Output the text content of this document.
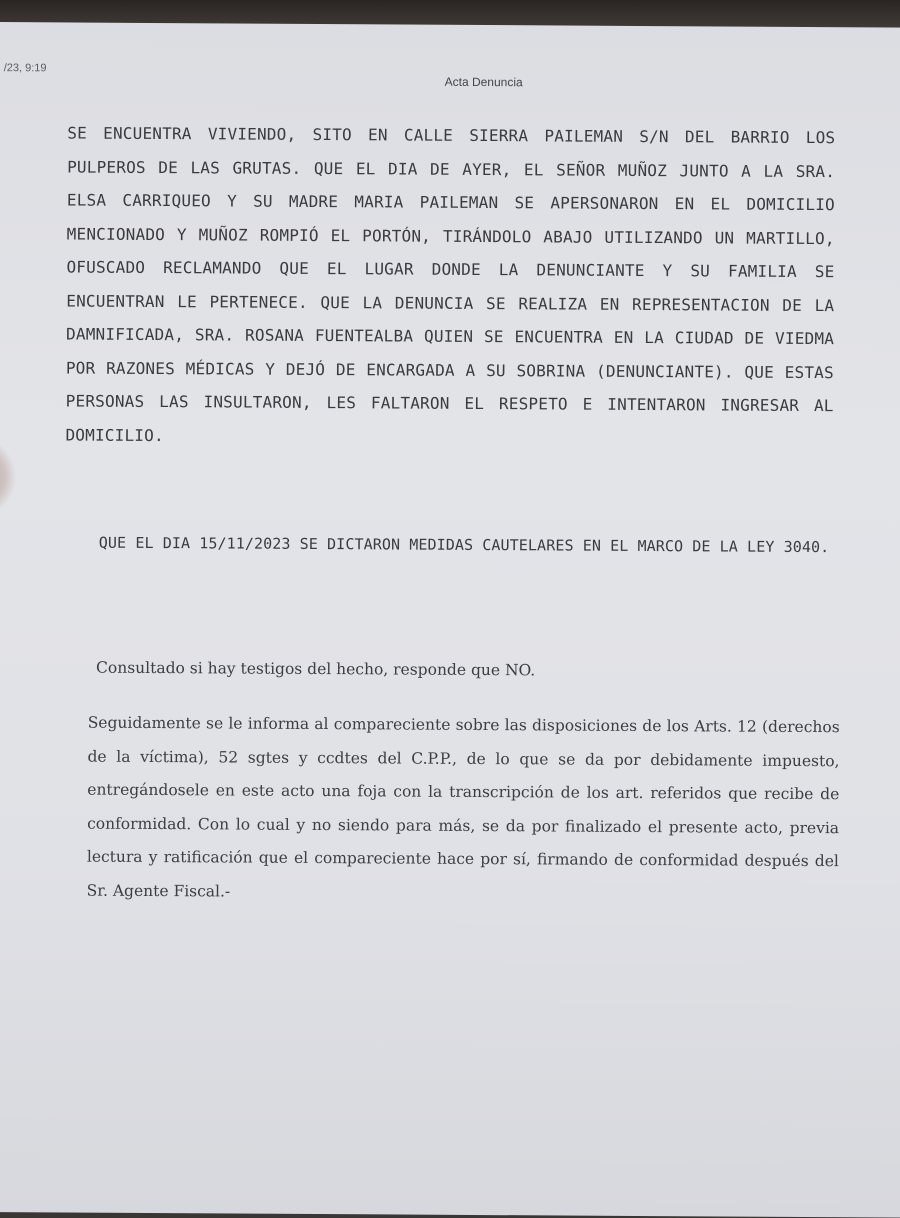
/23, 9:19
Acta Denuncia

SE ENCUENTRA VIVIENDO, SITO EN CALLE SIERRA PAILEMAN S/N DEL BARRIO LOS PULPEROS DE LAS GRUTAS. QUE EL DIA DE AYER, EL SEÑOR MUÑOZ JUNTO A LA SRA. ELSA CARRIQUEO Y SU MADRE MARIA PAILEMAN SE APERSONARON EN EL DOMICILIO MENCIONADO Y MUÑOZ ROMPIÓ EL PORTÓN, TIRÁNDOLO ABAJO UTILIZANDO UN MARTILLO, OFUSCADO RECLAMANDO QUE EL LUGAR DONDE LA DENUNCIANTE Y SU FAMILIA SE ENCUENTRAN LE PERTENECE. QUE LA DENUNCIA SE REALIZA EN REPRESENTACION DE LA DAMNIFICADA, SRA. ROSANA FUENTEALBA QUIEN SE ENCUENTRA EN LA CIUDAD DE VIEDMA POR RAZONES MÉDICAS Y DEJÓ DE ENCARGADA A SU SOBRINA (DENUNCIANTE). QUE ESTAS PERSONAS LAS INSULTARON, LES FALTARON EL RESPETO E INTENTARON INGRESAR AL DOMICILIO.

QUE EL DIA 15/11/2023 SE DICTARON MEDIDAS CAUTELARES EN EL MARCO DE LA LEY 3040.
Consultado si hay testigos del hecho, responde que NO.
Seguidamente se le informa al compareciente sobre las disposiciones de los Arts. 12 (derechos de la víctima), 52 sgtes y ccdtes del C.P.P., de lo que se da por debidamente impuesto, entregándosele en este acto una foja con la transcripción de los art. referidos que recibe de conformidad. Con lo cual y no siendo para más, se da por finalizado el presente acto, previa lectura y ratificación que el compareciente hace por sí, firmando de conformidad después del Sr. Agente Fiscal.-
